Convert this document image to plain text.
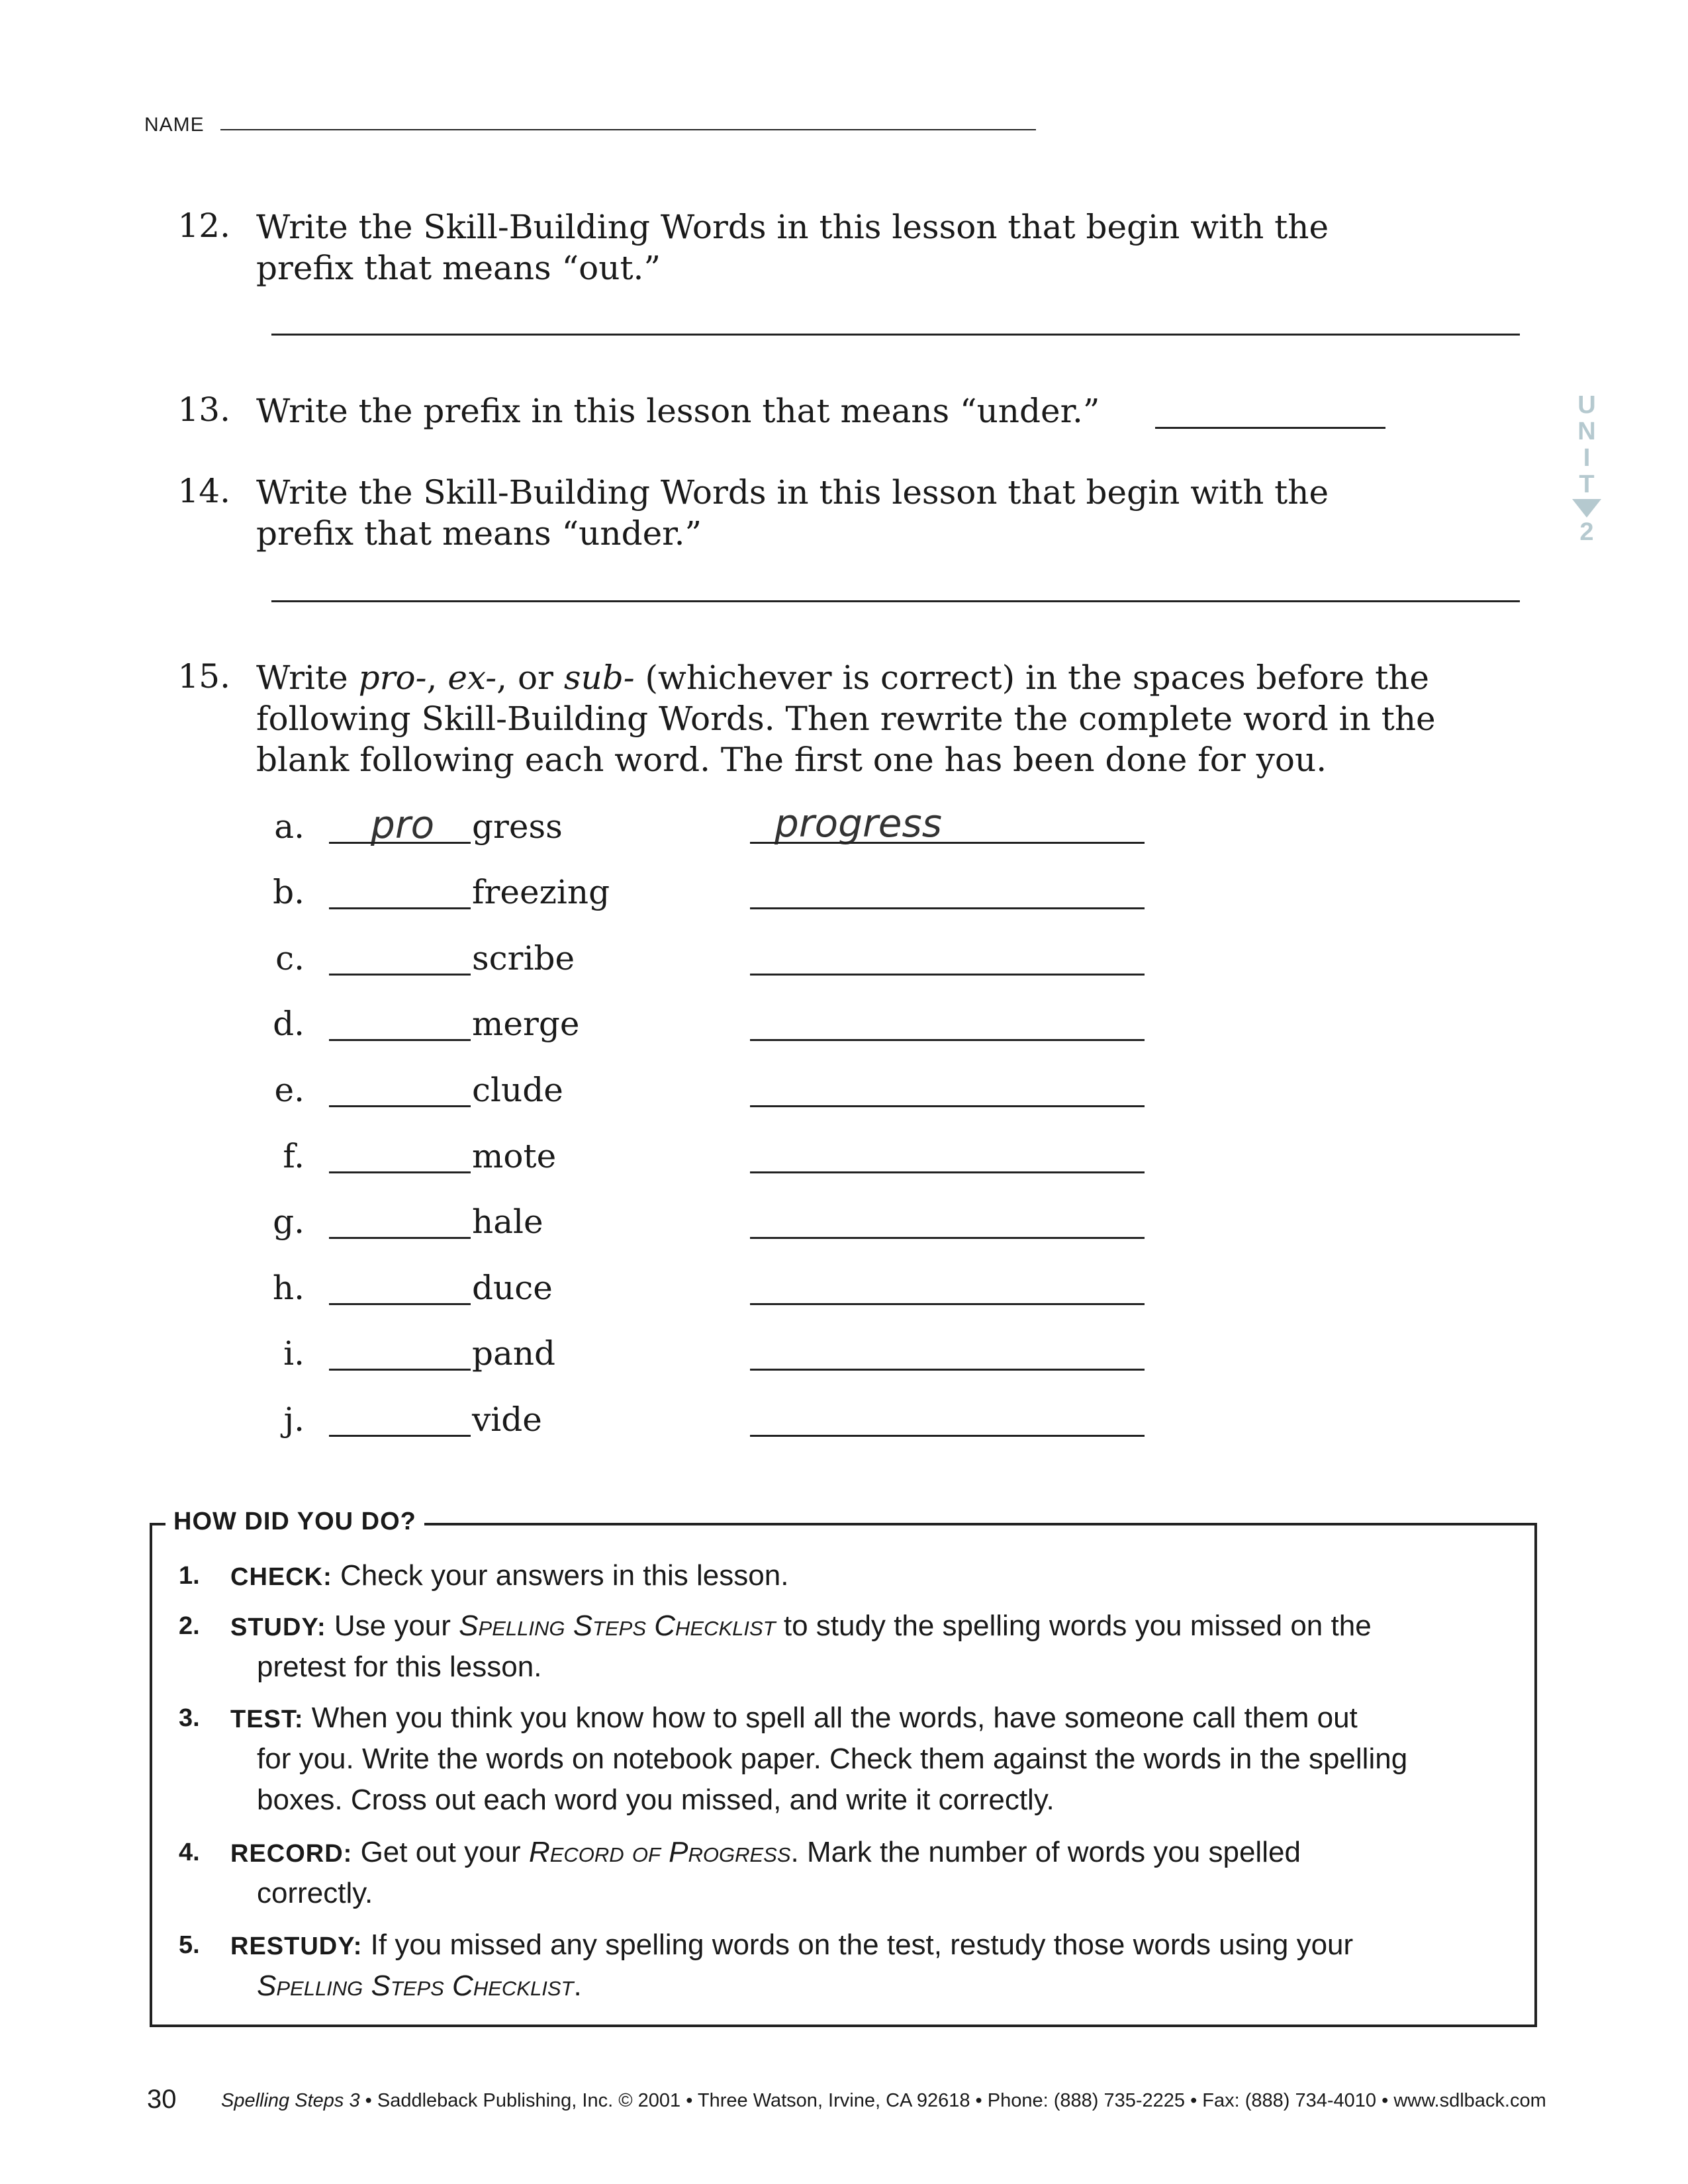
NAME
U
N
I
T
2
12. Write the Skill-Building Words in this lesson that begin with the
prefix that means “out.”
13. Write the prefix in this lesson that means “under.”
14. Write the Skill-Building Words in this lesson that begin with the
prefix that means “under.”
15. Write pro-, ex-, or sub- (whichever is correct) in the spaces before the
following Skill-Building Words. Then rewrite the complete word in the
blank following each word. The first one has been done for you.
a. pro gress	progress
b.	freezing
c.	scribe
d.	merge
e.	clude
f.	mote
g.	hale
h.	duce
i.	pand
j.	vide
HOW DID YOU DO?
1. CHECK: Check your answers in this lesson.
2. STUDY: Use your Spelling Steps Checklist to study the spelling words you missed on the
pretest for this lesson.
3. TEST: When you think you know how to spell all the words, have someone call them out
for you. Write the words on notebook paper. Check them against the words in the spelling
boxes. Cross out each word you missed, and write it correctly.
4. RECORD: Get out your Record of Progress. Mark the number of words you spelled
correctly.
5. RESTUDY: If you missed any spelling words on the test, restudy those words using your
Spelling Steps Checklist.
30 Spelling Steps 3 • Saddleback Publishing, Inc. © 2001 • Three Watson, Irvine, CA 92618 • Phone: (888) 735-2225 • Fax: (888) 734-4010 • www.sdlback.com
